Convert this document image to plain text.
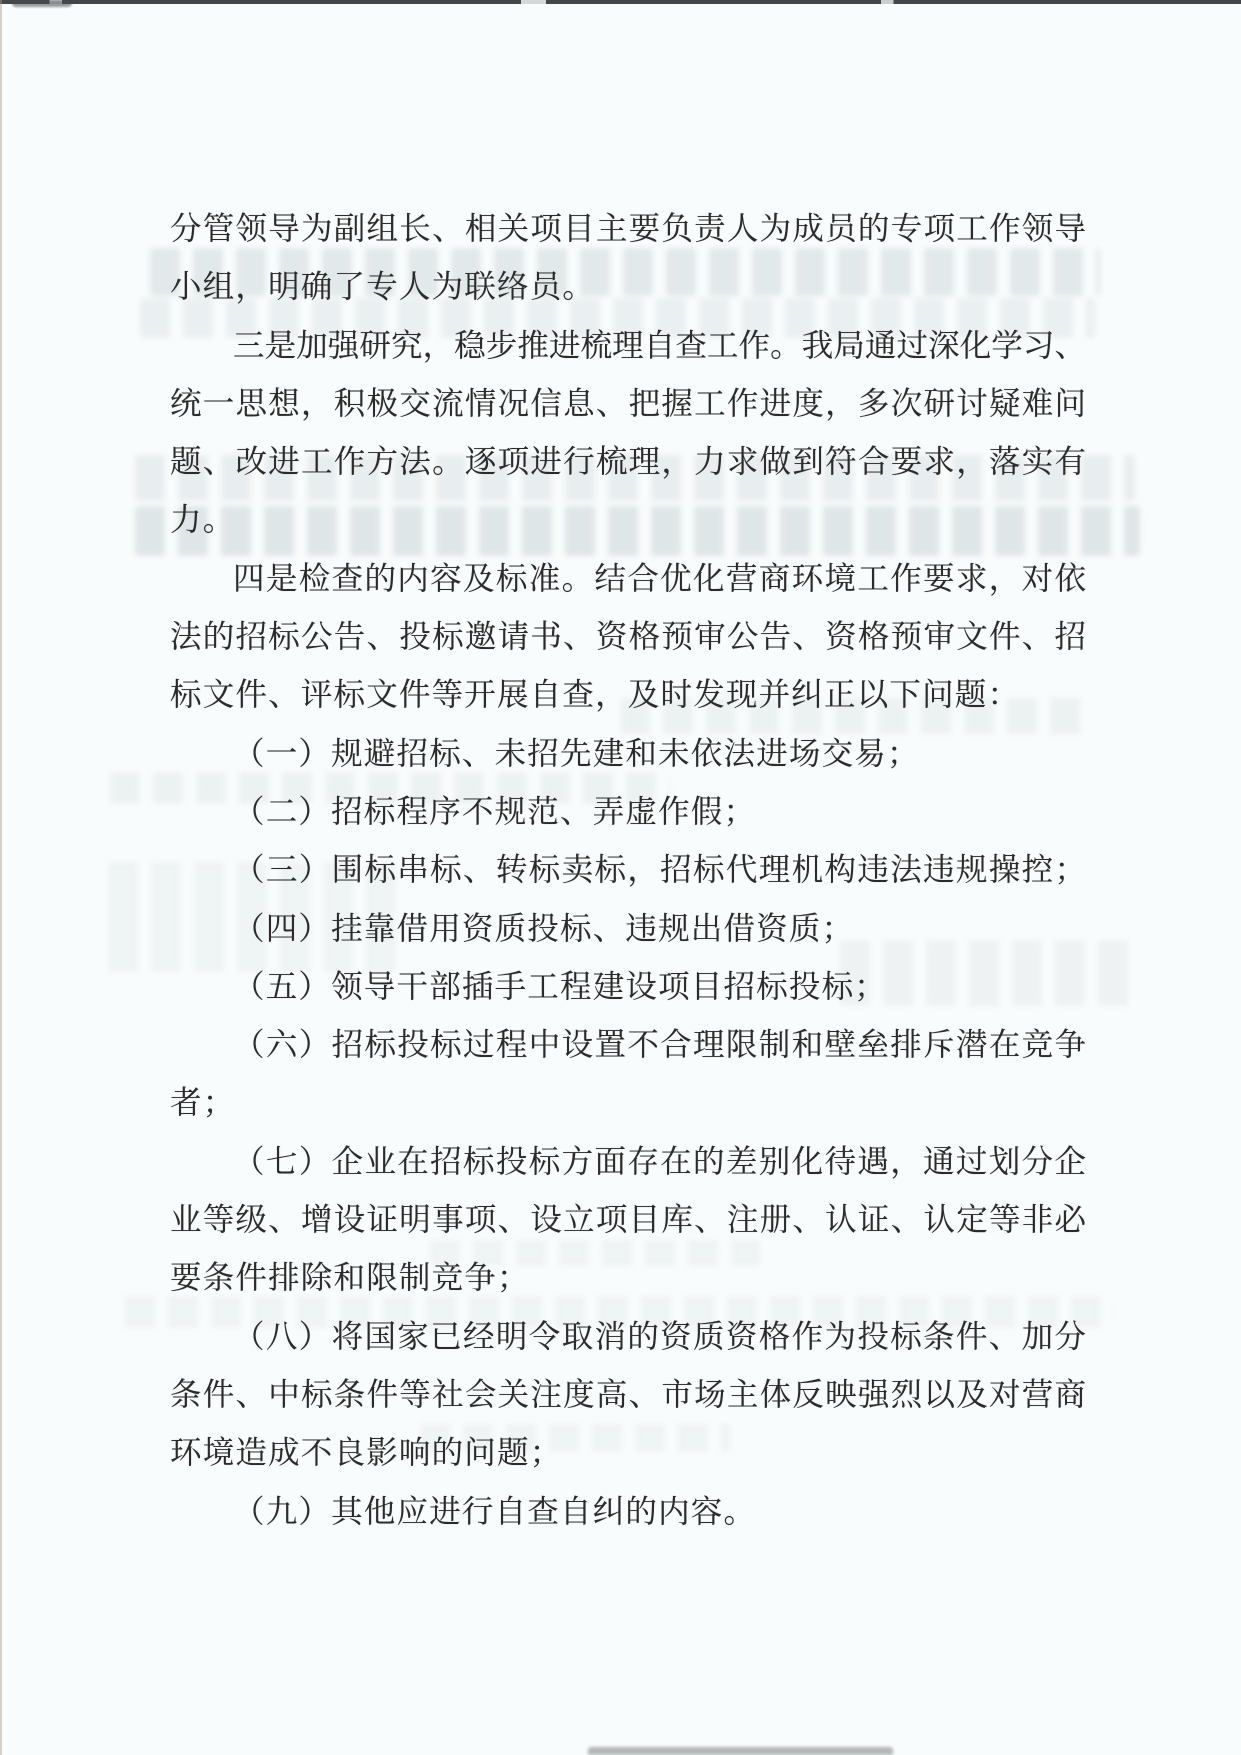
分管领导为副组长、相关项目主要负责人为成员的专项工作领导
小组，明确了专人为联络员。
三是加强研究，稳步推进梳理自查工作。我局通过深化学习、
统一思想，积极交流情况信息、把握工作进度，多次研讨疑难问
题、改进工作方法。逐项进行梳理，力求做到符合要求，落实有
力。
四是检查的内容及标准。结合优化营商环境工作要求，对依
法的招标公告、投标邀请书、资格预审公告、资格预审文件、招
标文件、评标文件等开展自查，及时发现并纠正以下问题：
（一）规避招标、未招先建和未依法进场交易；
（二）招标程序不规范、弄虚作假；
（三）围标串标、转标卖标，招标代理机构违法违规操控；
（四）挂靠借用资质投标、违规出借资质；
（五）领导干部插手工程建设项目招标投标；
（六）招标投标过程中设置不合理限制和壁垒排斥潜在竞争
者；
（七）企业在招标投标方面存在的差别化待遇，通过划分企
业等级、增设证明事项、设立项目库、注册、认证、认定等非必
要条件排除和限制竞争；
（八）将国家已经明令取消的资质资格作为投标条件、加分
条件、中标条件等社会关注度高、市场主体反映强烈以及对营商
环境造成不良影响的问题；
（九）其他应进行自查自纠的内容。
